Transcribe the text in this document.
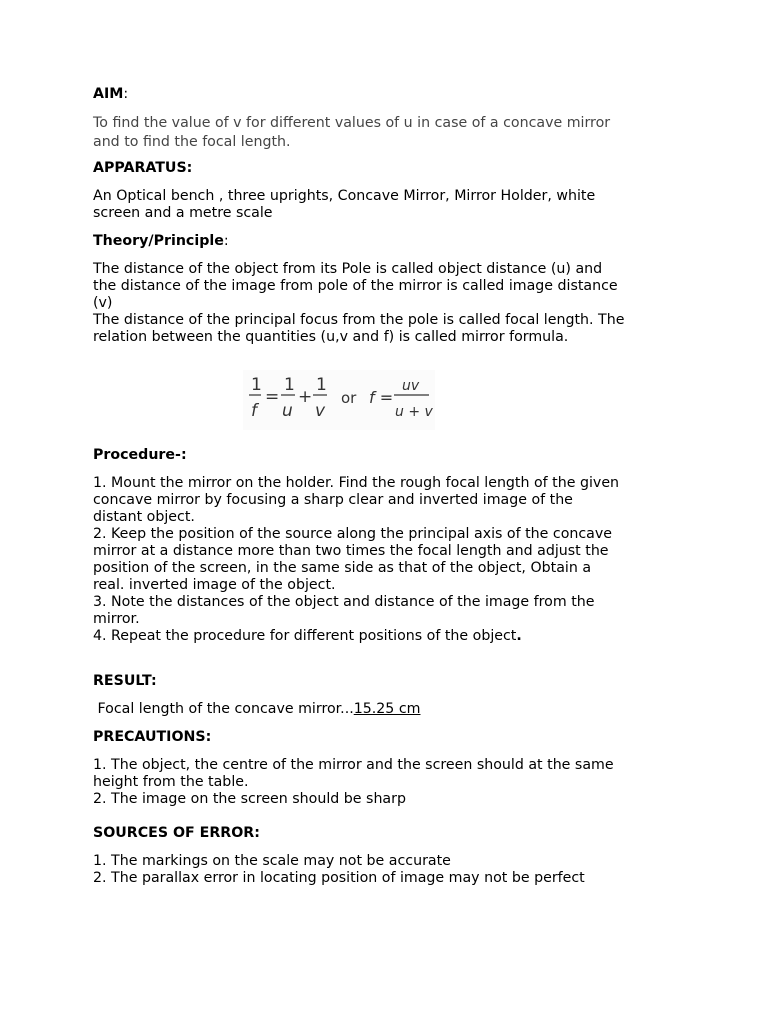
AIM:

To find the value of v for different values of u in case of a concave mirror
and to find the focal length.

APPARATUS:

An Optical bench , three uprights, Concave Mirror, Mirror Holder, white
screen and a metre scale

Theory/Principle:

The distance of the object from its Pole is called object distance (u) and
the distance of the image from pole of the mirror is called image distance
(v)
The distance of the principal focus from the pole is called focal length. The
relation between the quantities (u,v and f) is called mirror formula.
1
f
=
1
u
+
1
v
or f =
uv
u + v

Procedure-:

1. Mount the mirror on the holder. Find the rough focal length of the given
concave mirror by focusing a sharp clear and inverted image of the
distant object.
2. Keep the position of the source along the principal axis of the concave
mirror at a distance more than two times the focal length and adjust the
position of the screen, in the same side as that of the object, Obtain a
real. inverted image of the object.
3. Note the distances of the object and distance of the image from the
mirror.
4. Repeat the procedure for different positions of the object.

RESULT:

Focal length of the concave mirror...15.25 cm

PRECAUTIONS:

1. The object, the centre of the mirror and the screen should at the same
height from the table.
2. The image on the screen should be sharp

SOURCES OF ERROR:

1. The markings on the scale may not be accurate
2. The parallax error in locating position of image may not be perfect
